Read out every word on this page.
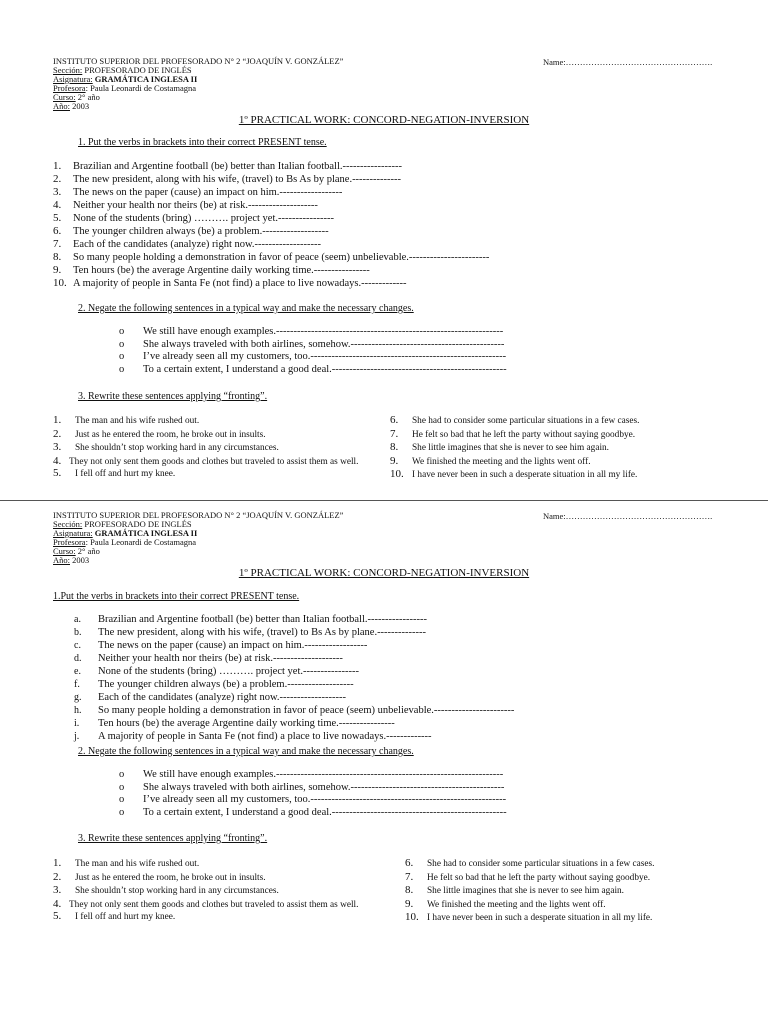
INSTITUTO SUPERIOR DEL PROFESORADO N° 2 “JOAQUÍN V. GONZÁLEZ”	Name:…………………………………………….
Sección: PROFESORADO DE INGLÉS
Asignatura: GRAMÁTICA INGLESA II
Profesora: Paula Leonardi de Costamagna
Curso: 2° año
Año: 2003
1º PRACTICAL WORK: CONCORD-NEGATION-INVERSION
1. Put the verbs in brackets into their correct PRESENT tense.
1. Brazilian and Argentine football (be) better than Italian football.-----------------
2. The new president, along with his wife, (travel) to Bs As by plane.--------------
3. The news on the paper (cause) an impact on him.------------------
4. Neither your health nor theirs (be) at risk.--------------------
5. None of the students (bring) ………. project yet.----------------
6. The younger children always (be) a problem.-------------------
7. Each of the candidates (analyze) right now.-------------------
8. So many people holding a demonstration in favor of peace (seem) unbelievable.-----------------------
9. Ten hours (be) the average Argentine daily working time.----------------
10. A majority of people in Santa Fe (not find) a place to live nowadays.-------------
2. Negate the following sentences in a typical way and make the necessary changes.
o We still have enough examples.-----------------------------------------------------------------
o She always traveled with both airlines, somehow.--------------------------------------------
o I’ve already seen all my customers, too.--------------------------------------------------------
o To a certain extent, I understand a good deal.--------------------------------------------------
3. Rewrite these sentences applying “fronting”.
1. The man and his wife rushed out.
2. Just as he entered the room, he broke out in insults.
3. She shouldn’t stop working hard in any circumstances.
4. They not only sent them goods and clothes but traveled to assist them as well.
5. I fell off and hurt my knee.
6. She had to consider some particular situations in a few cases.
7. He felt so bad that he left the party without saying goodbye.
8. She little imagines that she is never to see him again.
9. We finished the meeting and the lights went off.
10. I have never been in such a desperate situation in all my life.
INSTITUTO SUPERIOR DEL PROFESORADO N° 2 “JOAQUÍN V. GONZÁLEZ”	Name:…………………………………………….
Sección: PROFESORADO DE INGLÉS
Asignatura: GRAMÁTICA INGLESA II
Profesora: Paula Leonardi de Costamagna
Curso: 2° año
Año: 2003
1º PRACTICAL WORK: CONCORD-NEGATION-INVERSION
1.Put the verbs in brackets into their correct PRESENT tense.
a. Brazilian and Argentine football (be) better than Italian football.-----------------
b. The new president, along with his wife, (travel) to Bs As by plane.--------------
c. The news on the paper (cause) an impact on him.------------------
d. Neither your health nor theirs (be) at risk.--------------------
e. None of the students (bring) ………. project yet.----------------
f. The younger children always (be) a problem.-------------------
g. Each of the candidates (analyze) right now.-------------------
h. So many people holding a demonstration in favor of peace (seem) unbelievable.-----------------------
i. Ten hours (be) the average Argentine daily working time.----------------
j. A majority of people in Santa Fe (not find) a place to live nowadays.-------------
2. Negate the following sentences in a typical way and make the necessary changes.
o We still have enough examples.-----------------------------------------------------------------
o She always traveled with both airlines, somehow.--------------------------------------------
o I’ve already seen all my customers, too.--------------------------------------------------------
o To a certain extent, I understand a good deal.--------------------------------------------------
3. Rewrite these sentences applying “fronting”.
1. The man and his wife rushed out.
2. Just as he entered the room, he broke out in insults.
3. She shouldn’t stop working hard in any circumstances.
4. They not only sent them goods and clothes but traveled to assist them as well.
5. I fell off and hurt my knee.
6. She had to consider some particular situations in a few cases.
7. He felt so bad that he left the party without saying goodbye.
8. She little imagines that she is never to see him again.
9. We finished the meeting and the lights went off.
10. I have never been in such a desperate situation in all my life.
